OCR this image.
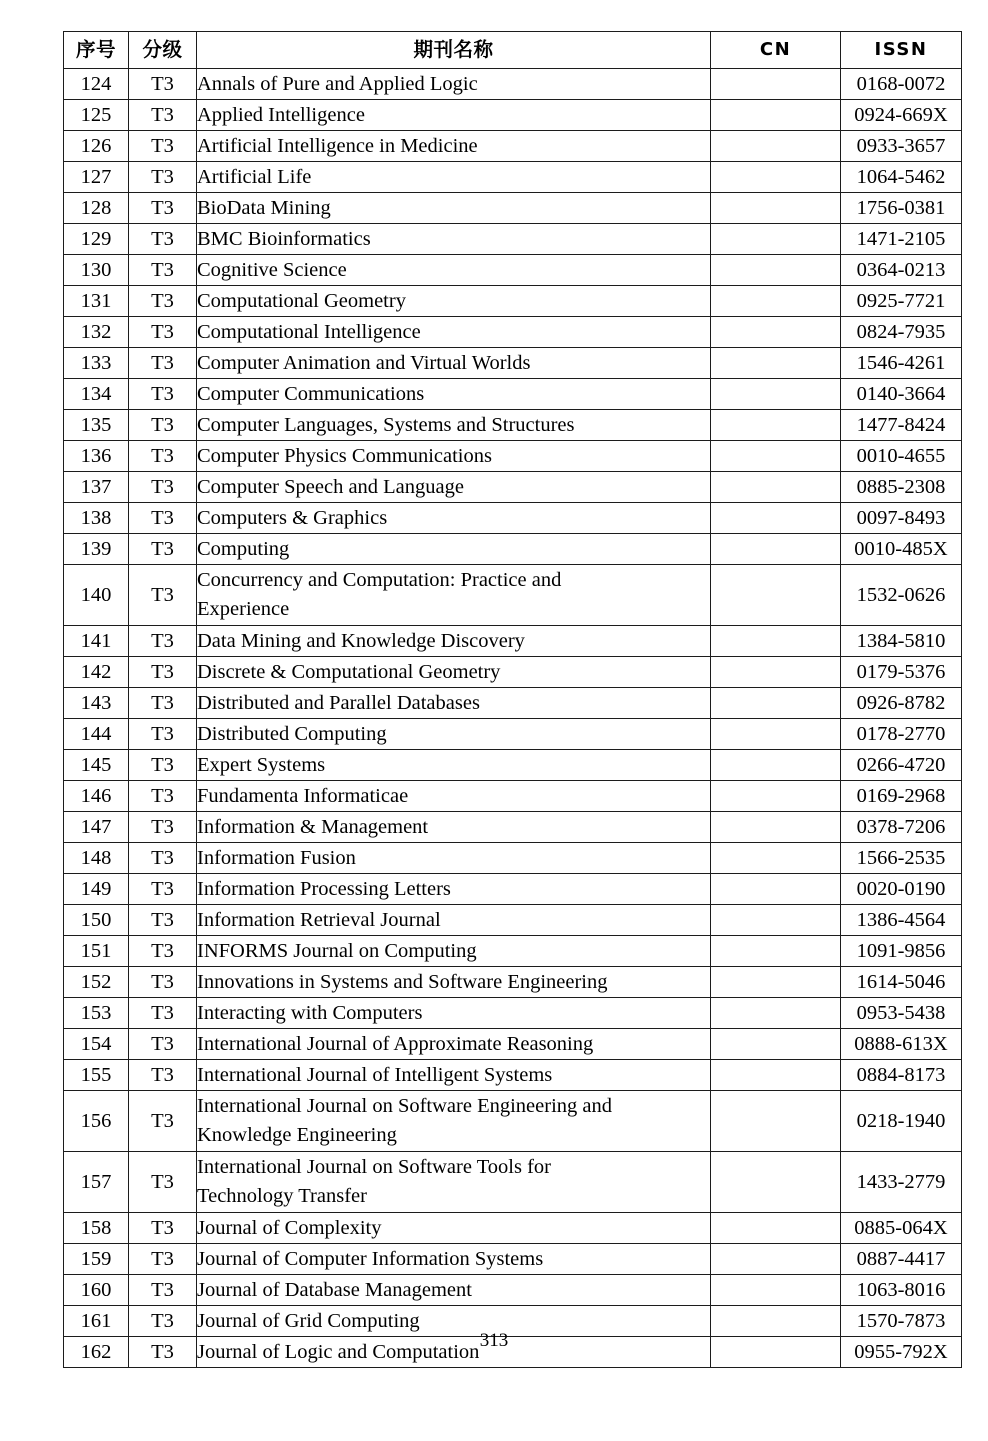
序号	分级	期刊名称	CN	ISSN
124	T3	Annals of Pure and Applied Logic		0168-0072
125	T3	Applied Intelligence		0924-669X
126	T3	Artificial Intelligence in Medicine		0933-3657
127	T3	Artificial Life		1064-5462
128	T3	BioData Mining		1756-0381
129	T3	BMC Bioinformatics		1471-2105
130	T3	Cognitive Science		0364-0213
131	T3	Computational Geometry		0925-7721
132	T3	Computational Intelligence		0824-7935
133	T3	Computer Animation and Virtual Worlds		1546-4261
134	T3	Computer Communications		0140-3664
135	T3	Computer Languages, Systems and Structures		1477-8424
136	T3	Computer Physics Communications		0010-4655
137	T3	Computer Speech and Language		0885-2308
138	T3	Computers & Graphics		0097-8493
139	T3	Computing		0010-485X
140	T3	Concurrency and Computation: Practice and
Experience		1532-0626
141	T3	Data Mining and Knowledge Discovery		1384-5810
142	T3	Discrete & Computational Geometry		0179-5376
143	T3	Distributed and Parallel Databases		0926-8782
144	T3	Distributed Computing		0178-2770
145	T3	Expert Systems		0266-4720
146	T3	Fundamenta Informaticae		0169-2968
147	T3	Information & Management		0378-7206
148	T3	Information Fusion		1566-2535
149	T3	Information Processing Letters		0020-0190
150	T3	Information Retrieval Journal		1386-4564
151	T3	INFORMS Journal on Computing		1091-9856
152	T3	Innovations in Systems and Software Engineering		1614-5046
153	T3	Interacting with Computers		0953-5438
154	T3	International Journal of Approximate Reasoning		0888-613X
155	T3	International Journal of Intelligent Systems		0884-8173
156	T3	International Journal on Software Engineering and
Knowledge Engineering		0218-1940
157	T3	International Journal on Software Tools for
Technology Transfer		1433-2779
158	T3	Journal of Complexity		0885-064X
159	T3	Journal of Computer Information Systems		0887-4417
160	T3	Journal of Database Management		1063-8016
161	T3	Journal of Grid Computing		1570-7873
162	T3	Journal of Logic and Computation		0955-792X
313
